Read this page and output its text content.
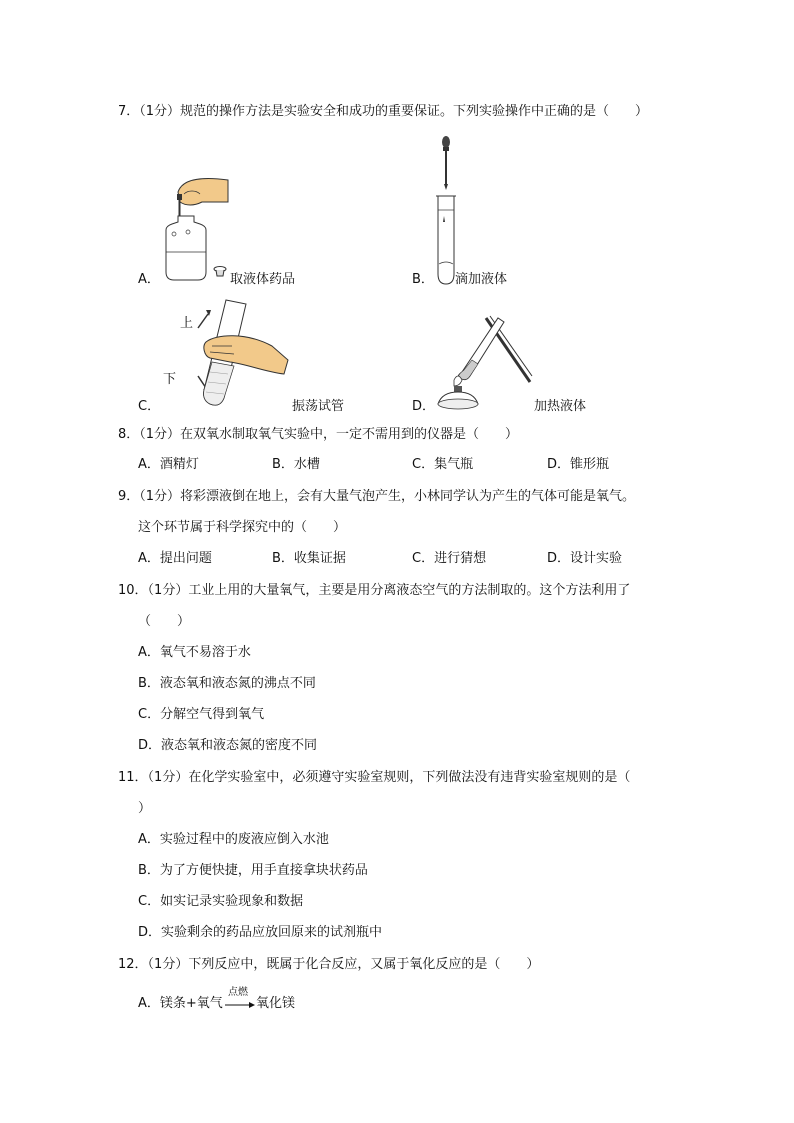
7．（1分）规范的操作方法是实验安全和成功的重要保证。下列实验操作中正确的是（　　）
A．	取液体药品	B． 滴加液体
上
下
C．	振荡试管	D．	加热液体
8．（1分）在双氧水制取氧气实验中，一定不需用到的仪器是（　　）
A．酒精灯	B．水槽	C．集气瓶	D．锥形瓶
9．（1分）将彩漂液倒在地上，会有大量气泡产生，小林同学认为产生的气体可能是氧气。
这个环节属于科学探究中的（　　）
A．提出问题	B．收集证据	C．进行猜想	D．设计实验
10．（1分）工业上用的大量氧气，主要是用分离液态空气的方法制取的。这个方法利用了
（　　）
A．氧气不易溶于水
B．液态氧和液态氮的沸点不同
C．分解空气得到氧气
D．液态氧和液态氮的密度不同
11．（1分）在化学实验室中，必须遵守实验室规则，下列做法没有违背实验室规则的是（
）
A．实验过程中的废液应倒入水池
B．为了方便快捷，用手直接拿块状药品
C．如实记录实验现象和数据
D．实验剩余的药品应放回原来的试剂瓶中
12．（1分）下列反应中，既属于化合反应，又属于氧化反应的是（　　）
A．镁条+氧气
点燃
→ 氧化镁
